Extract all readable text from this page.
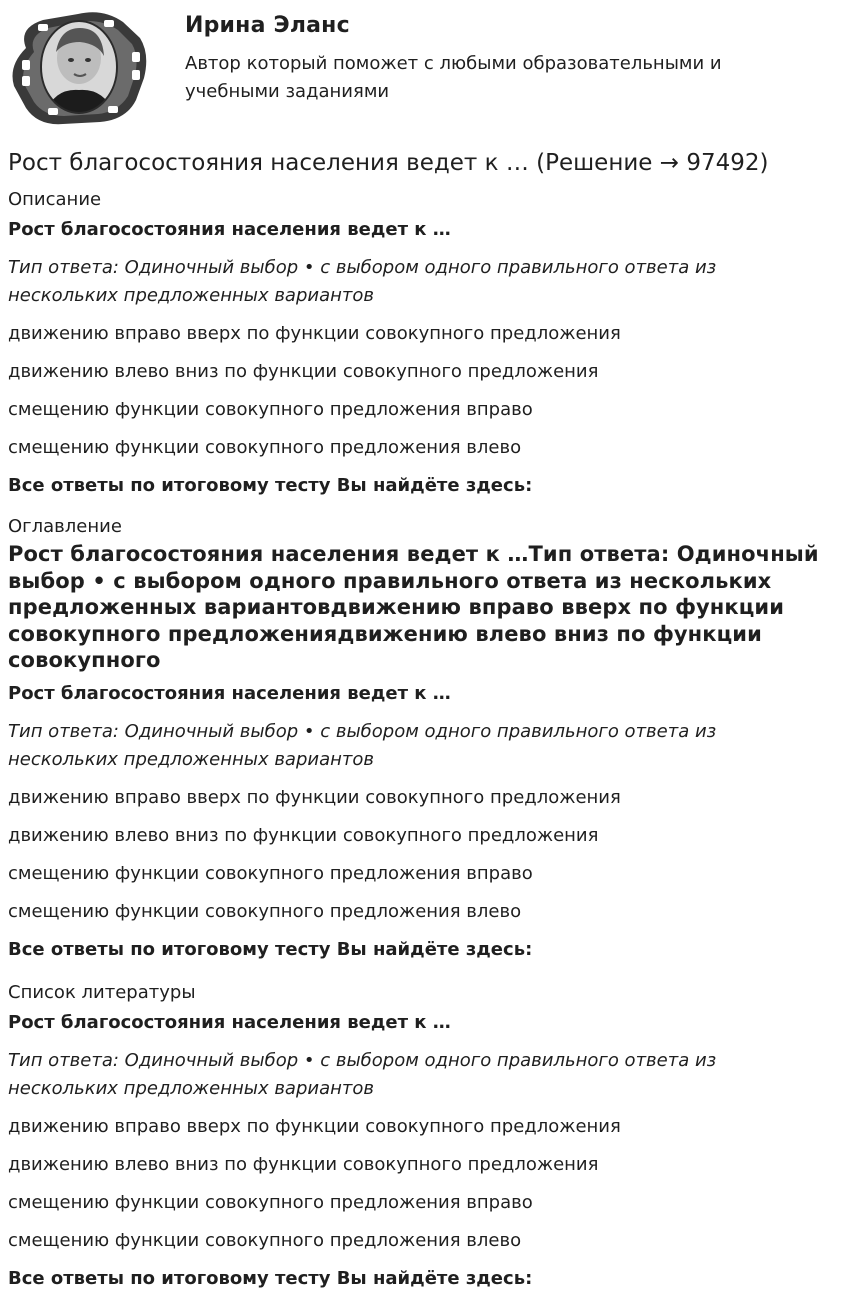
Ирина Эланс
Автор который поможет с любыми образовательными и учебными заданиями
Рост благосостояния населения ведет к … (Решение → 97492)
Описание
Рост благосостояния населения ведет к …
Тип ответа: Одиночный выбор • с выбором одного правильного ответа из нескольких предложенных вариантов
движению вправо вверх по функции совокупного предложения
движению влево вниз по функции совокупного предложения
смещению функции совокупного предложения вправо
смещению функции совокупного предложения влево
Все ответы по итоговому тесту Вы найдёте здесь:
Оглавление
Рост благосостояния населения ведет к …Тип ответа: Одиночный выбор • с выбором одного правильного ответа из нескольких предложенных вариантовдвижению вправо вверх по функции совокупного предложениядвижению влево вниз по функции совокупного
Рост благосостояния населения ведет к …
Тип ответа: Одиночный выбор • с выбором одного правильного ответа из нескольких предложенных вариантов
движению вправо вверх по функции совокупного предложения
движению влево вниз по функции совокупного предложения
смещению функции совокупного предложения вправо
смещению функции совокупного предложения влево
Все ответы по итоговому тесту Вы найдёте здесь:
Список литературы
Рост благосостояния населения ведет к …
Тип ответа: Одиночный выбор • с выбором одного правильного ответа из нескольких предложенных вариантов
движению вправо вверх по функции совокупного предложения
движению влево вниз по функции совокупного предложения
смещению функции совокупного предложения вправо
смещению функции совокупного предложения влево
Все ответы по итоговому тесту Вы найдёте здесь:
